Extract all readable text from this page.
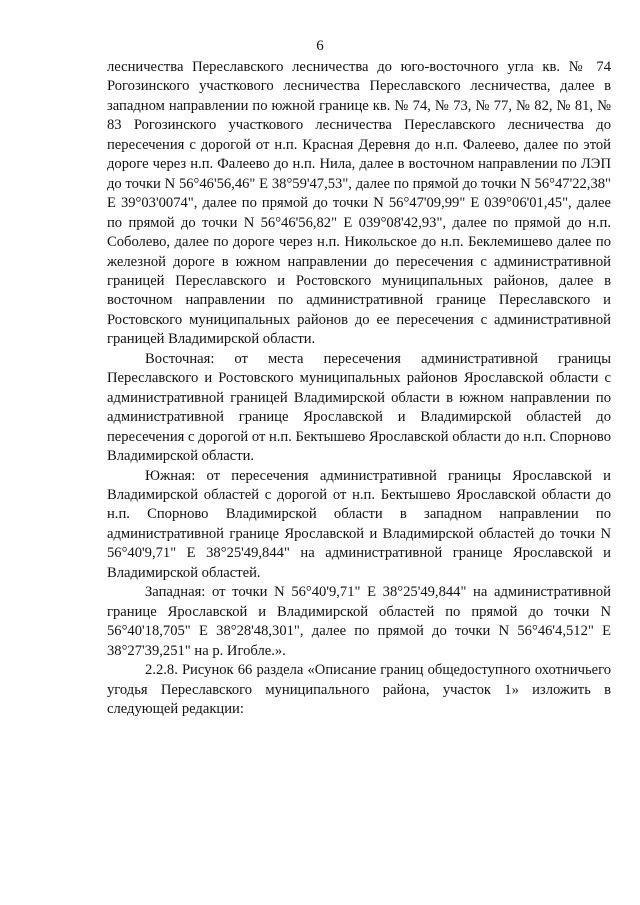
6

лесничества Переславского лесничества до юго-восточного угла кв. № 74 Рогозинского участкового лесничества Переславского лесничества, далее в западном направлении по южной границе кв. № 74, № 73, № 77, № 82, № 81, № 83 Рогозинского участкового лесничества Переславского лесничества до пересечения с дорогой от н.п. Красная Деревня до н.п. Фалеево, далее по этой дороге через н.п. Фалеево до н.п. Нила, далее в восточном направлении по ЛЭП до точки N 56°46'56,46" E 38°59'47,53", далее по прямой до точки N 56°47'22,38" E 39°03'0074", далее по прямой до точки N 56°47'09,99" E 039°06'01,45", далее по прямой до точки N 56°46'56,82" E 039°08'42,93", далее по прямой до н.п. Соболево, далее по дороге через н.п. Никольское до н.п. Беклемишево далее по железной дороге в южном направлении до пересечения с административной границей Переславского и Ростовского муниципальных районов, далее в восточном направлении по административной границе Переславского и Ростовского муниципальных районов до ее пересечения с административной границей Владимирской области.

Восточная: от места пересечения административной границы Переславского и Ростовского муниципальных районов Ярославской области с административной границей Владимирской области в южном направлении по административной границе Ярославской и Владимирской областей до пересечения с дорогой от н.п. Бектышево Ярославской области до н.п. Спорново Владимирской области.

Южная: от пересечения административной границы Ярославской и Владимирской областей с дорогой от н.п. Бектышево Ярославской области до н.п. Спорново Владимирской области в западном направлении по административной границе Ярославской и Владимирской областей до точки N 56°40'9,71" E 38°25'49,844" на административной границе Ярославской и Владимирской областей.

Западная: от точки N 56°40'9,71" E 38°25'49,844" на административной границе Ярославской и Владимирской областей по прямой до точки N 56°40'18,705" E 38°28'48,301", далее по прямой до точки N 56°46'4,512" E 38°27'39,251" на р. Игобле.».

2.2.8. Рисунок 66 раздела «Описание границ общедоступного охотничьего угодья Переславского муниципального района, участок 1» изложить в следующей редакции:
